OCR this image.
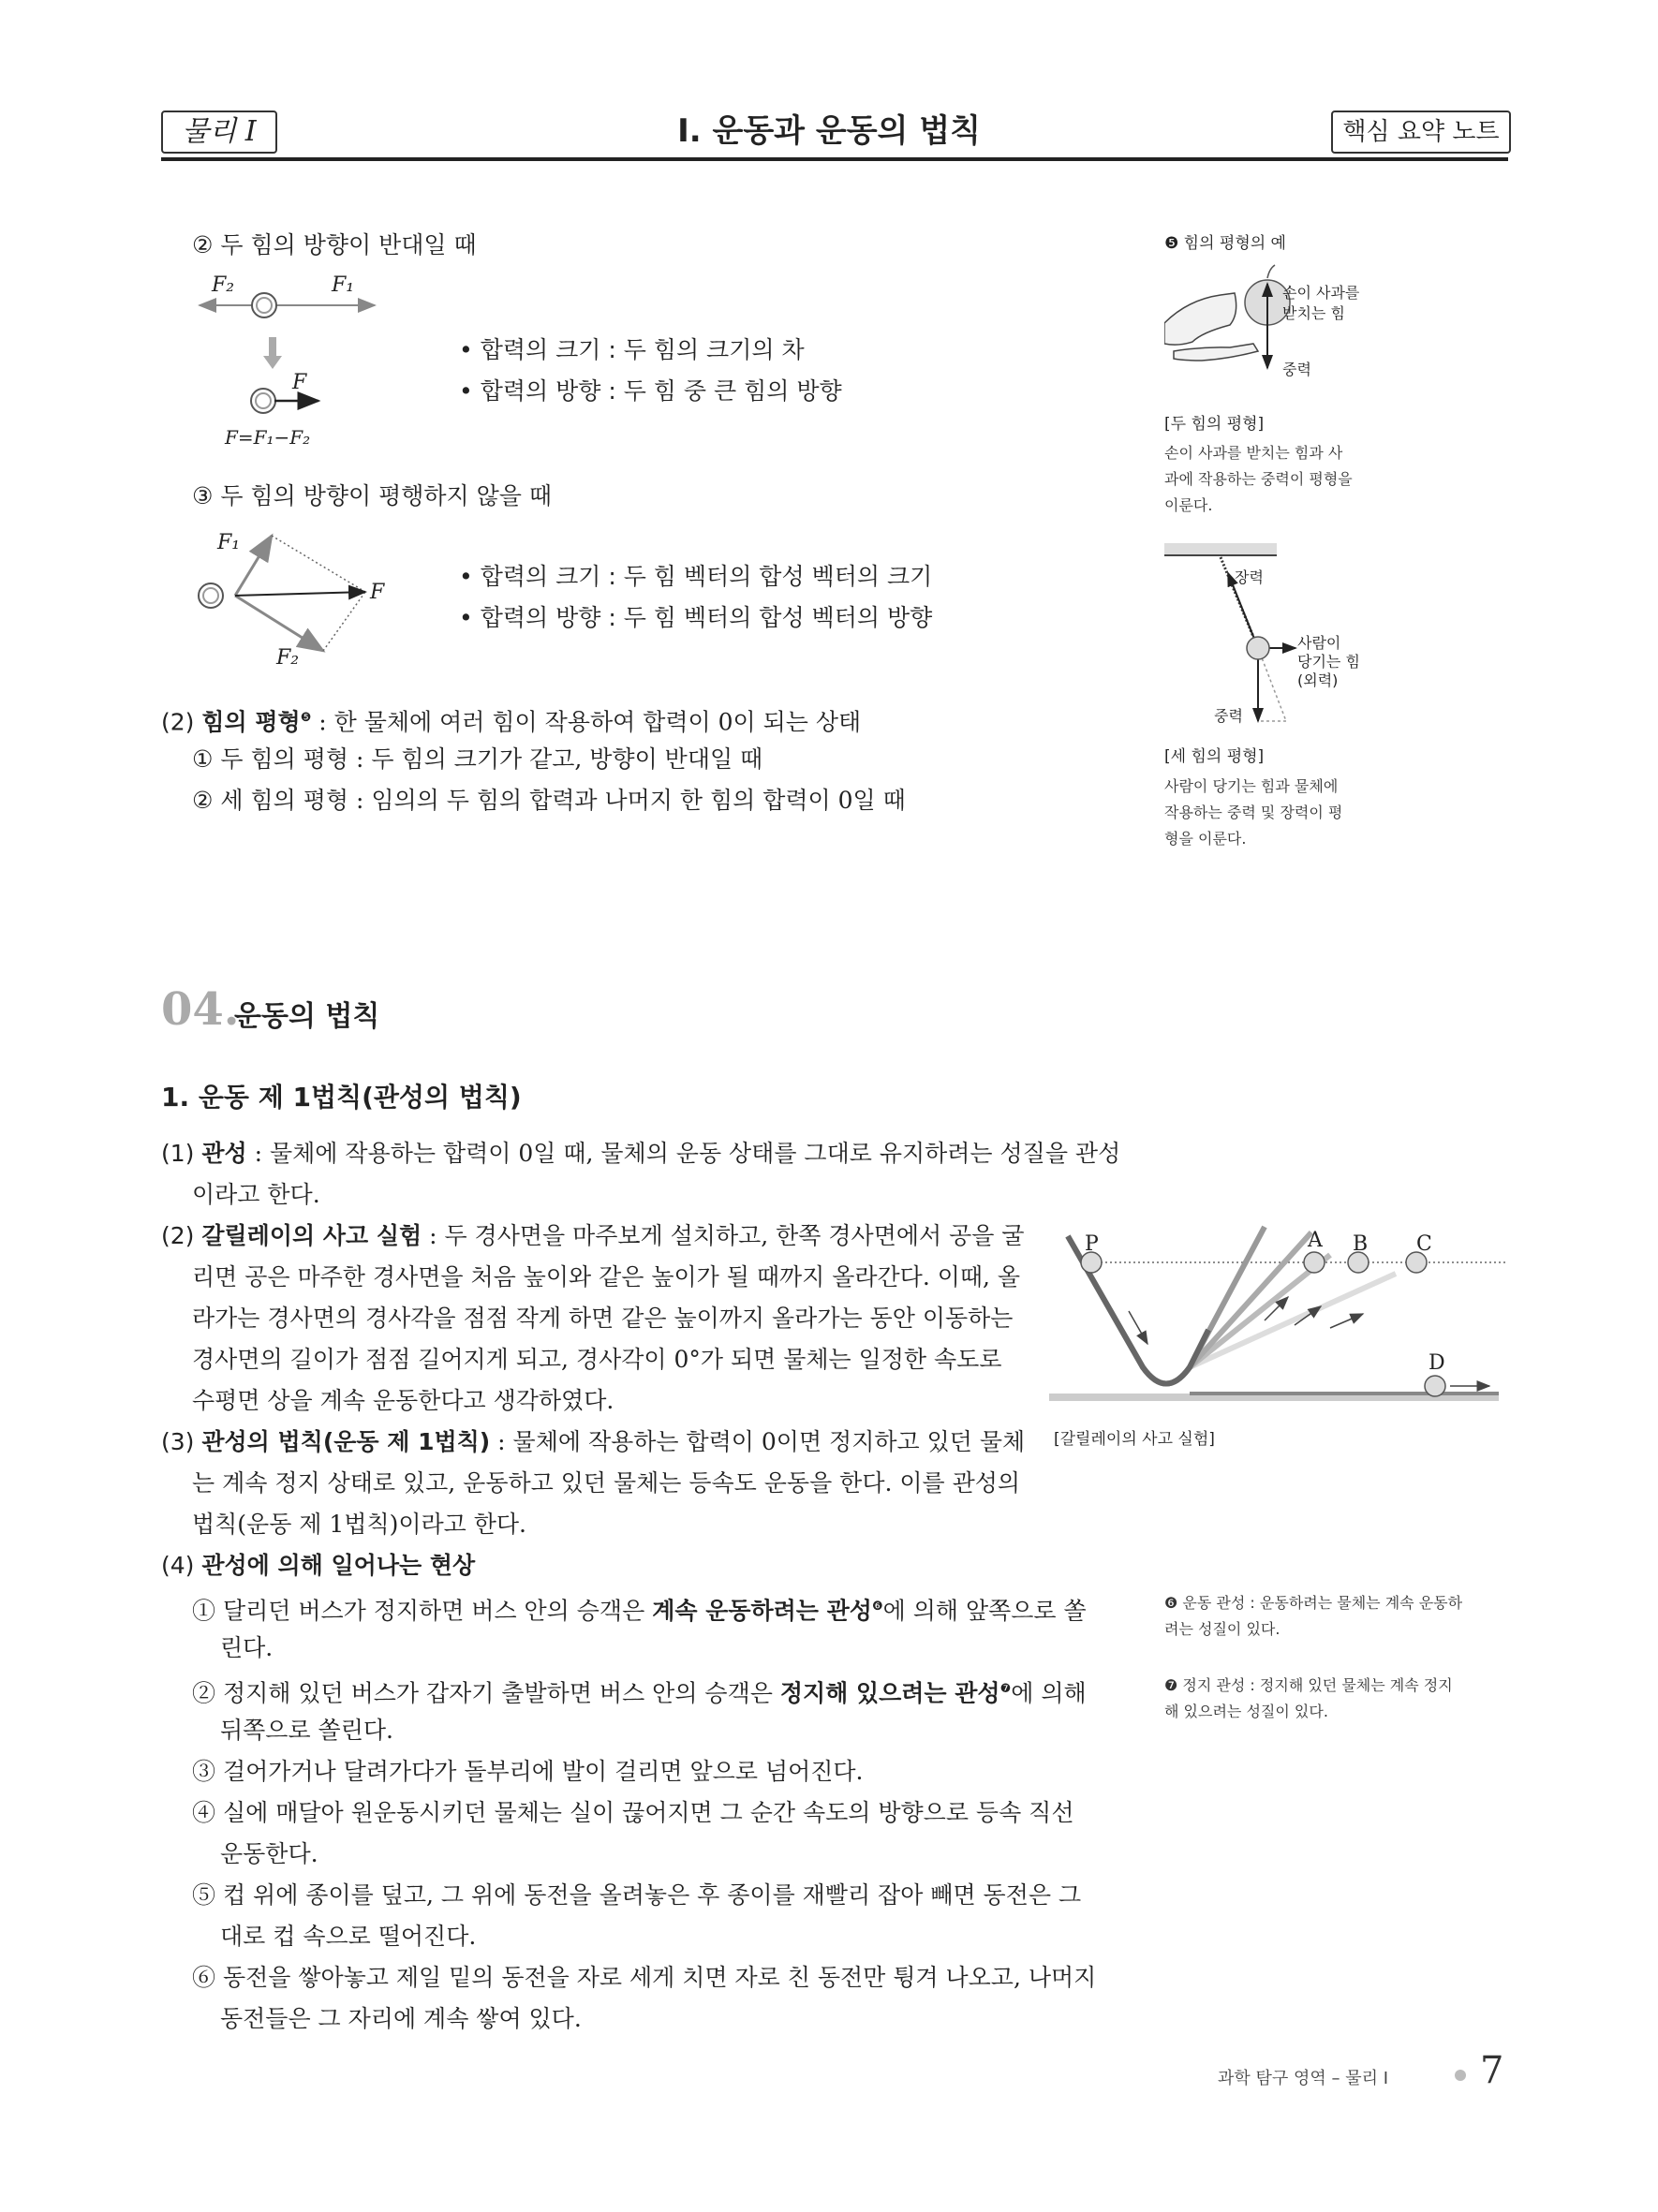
물리 I	I. 운동과 운동의 법칙	핵심 요약 노트
② 두 힘의 방향이 반대일 때
F₂	F₁
F
F=F₁−F₂
• 합력의 크기 : 두 힘의 크기의 차
• 합력의 방향 : 두 힘 중 큰 힘의 방향
③ 두 힘의 방향이 평행하지 않을 때
F₁
F
F₂
• 합력의 크기 : 두 힘 벡터의 합성 벡터의 크기
• 합력의 방향 : 두 힘 벡터의 합성 벡터의 방향
(2) 힘의 평형$^❺$ : 한 물체에 여러 힘이 작용하여 합력이 0이 되는 상태
① 두 힘의 평형 : 두 힘의 크기가 같고, 방향이 반대일 때
② 세 힘의 평형 : 임의의 두 힘의 합력과 나머지 한 힘의 합력이 0일 때
❺ 힘의 평형의 예
손이 사과를
받치는 힘
중력
[두 힘의 평형]
손이 사과를 받치는 힘과 사
과에 작용하는 중력이 평형을
이룬다.
장력
사람이
당기는 힘
(외력)
중력
[세 힘의 평형]
사람이 당기는 힘과 물체에
작용하는 중력 및 장력이 평
형을 이룬다.
04.
운동의 법칙
1. 운동 제 1법칙(관성의 법칙)
(1) 관성 : 물체에 작용하는 합력이 0일 때, 물체의 운동 상태를 그대로 유지하려는 성질을 관성
이라고 한다.
(2) 갈릴레이의 사고 실험 : 두 경사면을 마주보게 설치하고, 한쪽 경사면에서 공을 굴
리면 공은 마주한 경사면을 처음 높이와 같은 높이가 될 때까지 올라간다. 이때, 올
라가는 경사면의 경사각을 점점 작게 하면 같은 높이까지 올라가는 동안 이동하는
경사면의 길이가 점점 길어지게 되고, 경사각이 0°가 되면 물체는 일정한 속도로
수평면 상을 계속 운동한다고 생각하였다.
P	A B C
D
[갈릴레이의 사고 실험]
(3) 관성의 법칙(운동 제 1법칙) : 물체에 작용하는 합력이 0이면 정지하고 있던 물체
는 계속 정지 상태로 있고, 운동하고 있던 물체는 등속도 운동을 한다. 이를 관성의
법칙(운동 제 1법칙)이라고 한다.
(4) 관성에 의해 일어나는 현상
① 달리던 버스가 정지하면 버스 안의 승객은 계속 운동하려는 관성$^❻$에 의해 앞쪽으로 쏠
린다.
② 정지해 있던 버스가 갑자기 출발하면 버스 안의 승객은 정지해 있으려는 관성$^❼$에 의해
뒤쪽으로 쏠린다.
③ 걸어가거나 달려가다가 돌부리에 발이 걸리면 앞으로 넘어진다.
④ 실에 매달아 원운동시키던 물체는 실이 끊어지면 그 순간 속도의 방향으로 등속 직선
운동한다.
⑤ 컵 위에 종이를 덮고, 그 위에 동전을 올려놓은 후 종이를 재빨리 잡아 빼면 동전은 그
대로 컵 속으로 떨어진다.
⑥ 동전을 쌓아놓고 제일 밑의 동전을 자로 세게 치면 자로 친 동전만 튕겨 나오고, 나머지
동전들은 그 자리에 계속 쌓여 있다.
❻ 운동 관성 : 운동하려는 물체는 계속 운동하
려는 성질이 있다.
❼ 정지 관성 : 정지해 있던 물체는 계속 정지
해 있으려는 성질이 있다.
과학 탐구 영역 – 물리 I 7
